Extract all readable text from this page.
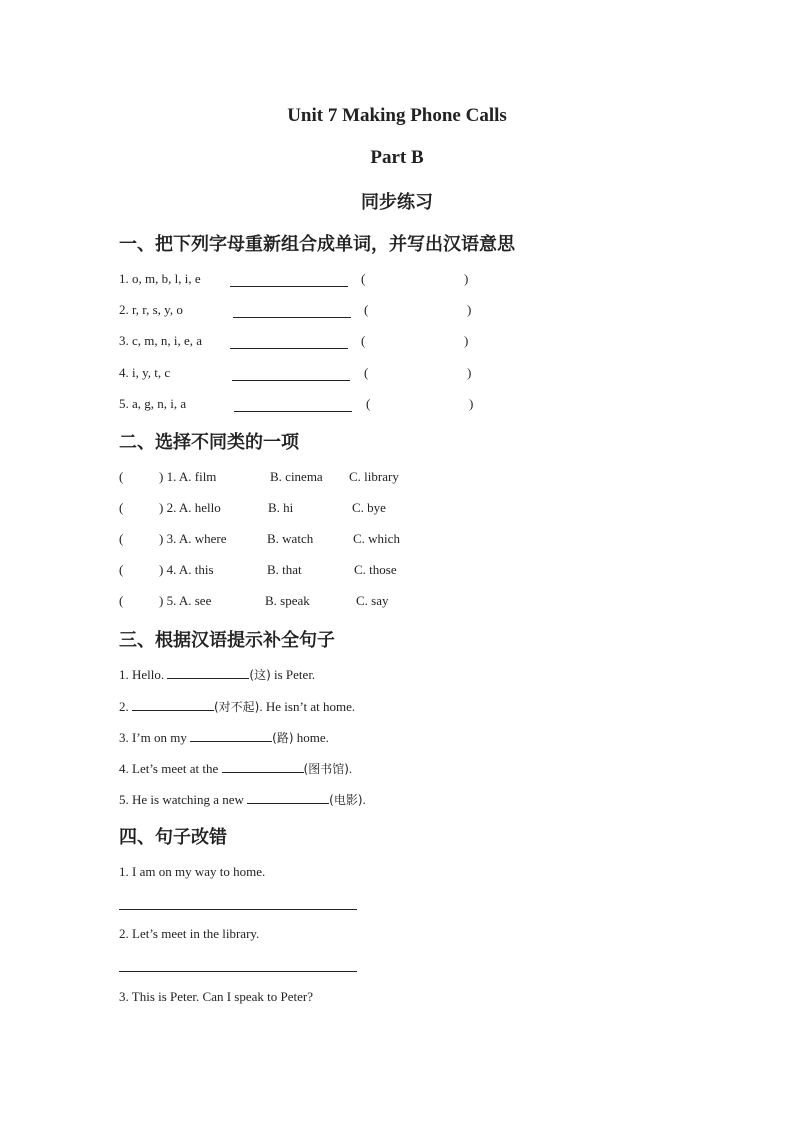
Unit 7 Making Phone Calls
Part B
同步练习
一、把下列字母重新组合成单词，并写出汉语意思
1. o, m, b, l, i, e	(	)
2. r, r, s, y, o	(	)
3. c, m, n, i, e, a	(	)
4. i, y, t, c	(	)
5. a, g, n, i, a	(	)
二、选择不同类的一项
(	) 1. A. film	B. cinema C. library
(	) 2. A. hello	B. hi	C. bye
(	) 3. A. where	B. watch	C. which
(	) 4. A. this	B. that	C. those
(	) 5. A. see	B. speak	C. say
三、根据汉语提示补全句子
1. Hello.	(这) is Peter.
2.	(对不起). He isn’t at home.
3. I’m on my	(路) home.
4. Let’s meet at the	(图书馆).
5. He is watching a new	(电影).
四、句子改错
1. I am on my way to home.
2. Let’s meet in the library.
3. This is Peter. Can I speak to Peter?
